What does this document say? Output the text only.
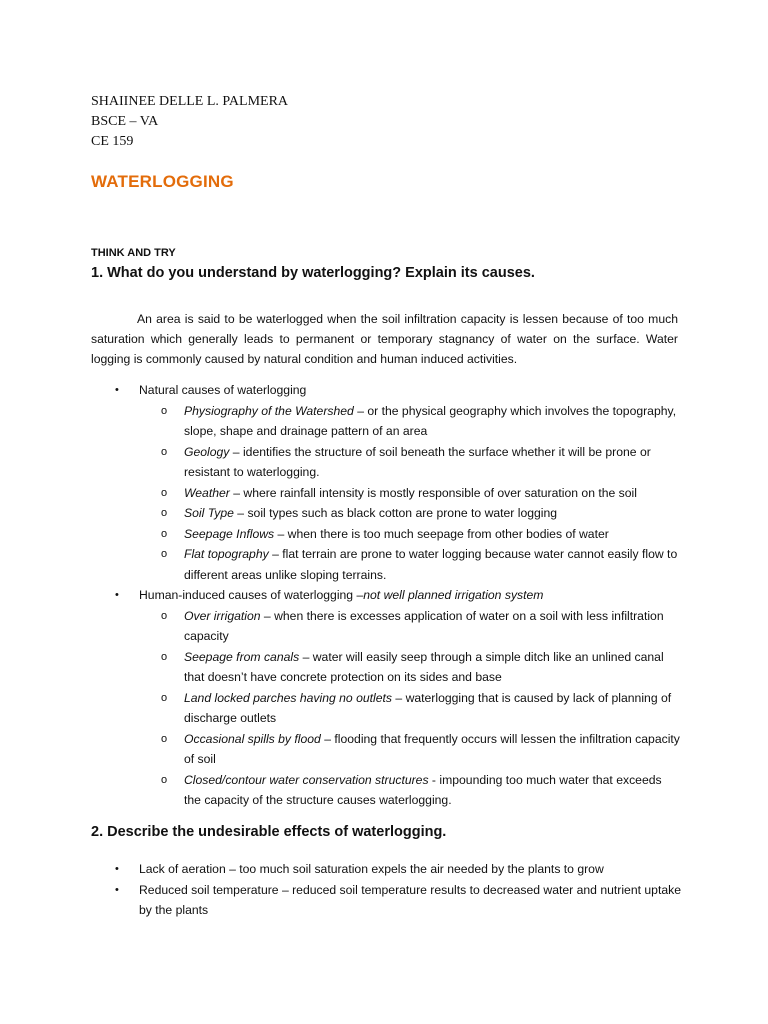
SHAIINEE DELLE L. PALMERA
BSCE – VA
CE 159
WATERLOGGING
THINK AND TRY
1. What do you understand by waterlogging? Explain its causes.

An area is said to be waterlogged when the soil infiltration capacity is lessen because of too much saturation which generally leads to permanent or temporary stagnancy of water on the surface. Water logging is commonly caused by natural condition and human induced activities.

• Natural causes of waterlogging
o Physiography of the Watershed – or the physical geography which involves the topography, slope, shape and drainage pattern of an area
o Geology – identifies the structure of soil beneath the surface whether it will be prone or resistant to waterlogging.
o Weather – where rainfall intensity is mostly responsible of over saturation on the soil
o Soil Type – soil types such as black cotton are prone to water logging
o Seepage Inflows – when there is too much seepage from other bodies of water
o Flat topography – flat terrain are prone to water logging because water cannot easily flow to different areas unlike sloping terrains.
• Human-induced causes of waterlogging –not well planned irrigation system
o Over irrigation – when there is excesses application of water on a soil with less infiltration capacity
o Seepage from canals – water will easily seep through a simple ditch like an unlined canal that doesn’t have concrete protection on its sides and base
o Land locked parches having no outlets – waterlogging that is caused by lack of planning of discharge outlets
o Occasional spills by flood – flooding that frequently occurs will lessen the infiltration capacity of soil
o Closed/contour water conservation structures - impounding too much water that exceeds the capacity of the structure causes waterlogging.
2. Describe the undesirable effects of waterlogging.
• Lack of aeration – too much soil saturation expels the air needed by the plants to grow
• Reduced soil temperature – reduced soil temperature results to decreased water and nutrient uptake by the plants
